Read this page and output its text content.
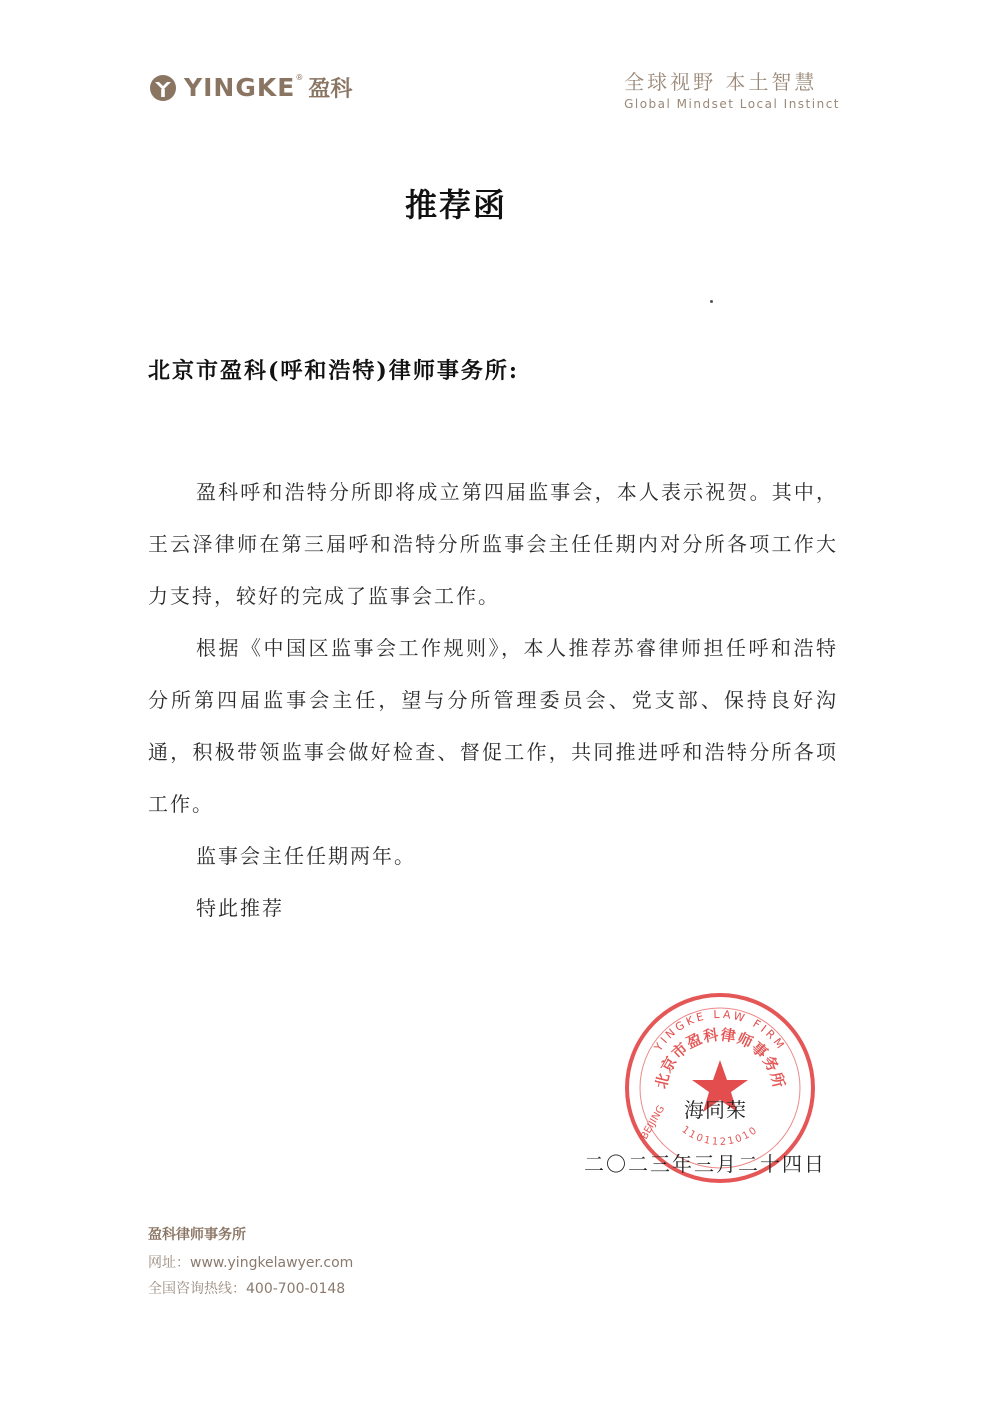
YINGKE® 盈科	全球视野 本土智慧
Global Mindset Local Instinct
推荐函
北京市盈科(呼和浩特)律师事务所:

盈科呼和浩特分所即将成立第四届监事会，本人表示祝贺。其中，王云泽律师在第三届呼和浩特分所监事会主任任期内对分所各项工作大力支持，较好的完成了监事会工作。

根据《中国区监事会工作规则》，本人推荐苏睿律师担任呼和浩特分所第四届监事会主任，望与分所管理委员会、党支部、保持良好沟通，积极带领监事会做好检查、督促工作，共同推进呼和浩特分所各项工作。

监事会主任任期两年。

特此推荐

YINGKE LAW FIRM
北京市盈科律师事务所
1101121010
BEIJING 海同荣
二〇二三年三月二十四日
盈科律师事务所
网址：www.yingkelawyer.com
全国咨询热线：400-700-0148
